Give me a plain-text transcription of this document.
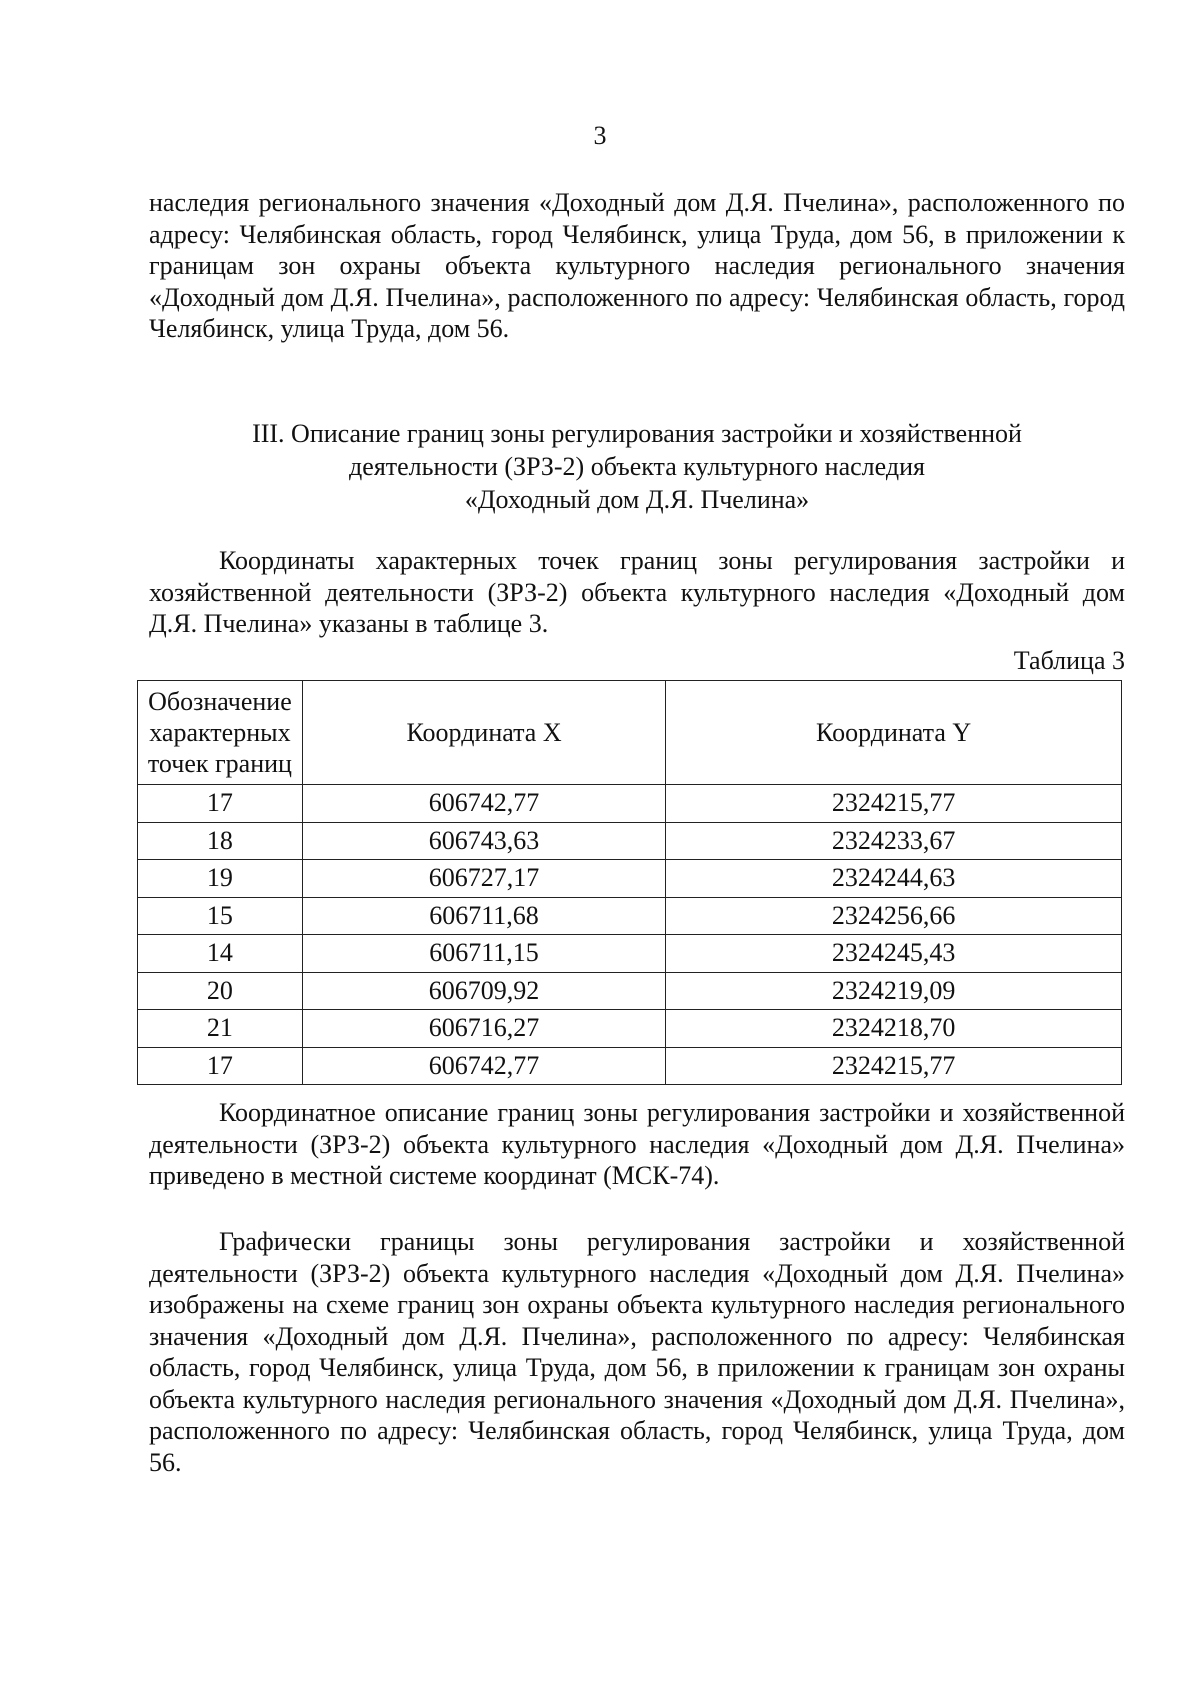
3

наследия регионального значения «Доходный дом Д.Я. Пчелина», расположенного по адресу: Челябинская область, город Челябинск, улица Труда, дом 56, в приложении к границам зон охраны объекта культурного наследия регионального значения «Доходный дом Д.Я. Пчелина», расположенного по адресу: Челябинская область, город Челябинск, улица Труда, дом 56.

III. Описание границ зоны регулирования застройки и хозяйственной
деятельности (ЗРЗ-2) объекта культурного наследия
«Доходный дом Д.Я. Пчелина»

Координаты характерных точек границ зоны регулирования застройки и хозяйственной деятельности (ЗРЗ-2) объекта культурного наследия «Доходный дом Д.Я. Пчелина» указаны в таблице 3.

Таблица 3
Обозначение характерных точек границ	Координата X	Координата Y
17	606742,77	2324215,77
18	606743,63	2324233,67
19	606727,17	2324244,63
15	606711,68	2324256,66
14	606711,15	2324245,43
20	606709,92	2324219,09
21	606716,27	2324218,70
17	606742,77	2324215,77

Координатное описание границ зоны регулирования застройки и хозяйственной деятельности (ЗРЗ-2) объекта культурного наследия «Доходный дом Д.Я. Пчелина» приведено в местной системе координат (МСК-74).

Графически границы зоны регулирования застройки и хозяйственной деятельности (ЗРЗ-2) объекта культурного наследия «Доходный дом Д.Я. Пчелина» изображены на схеме границ зон охраны объекта культурного наследия регионального значения «Доходный дом Д.Я. Пчелина», расположенного по адресу: Челябинская область, город Челябинск, улица Труда, дом 56, в приложении к границам зон охраны объекта культурного наследия регионального значения «Доходный дом Д.Я. Пчелина», расположенного по адресу: Челябинская область, город Челябинск, улица Труда, дом 56.
